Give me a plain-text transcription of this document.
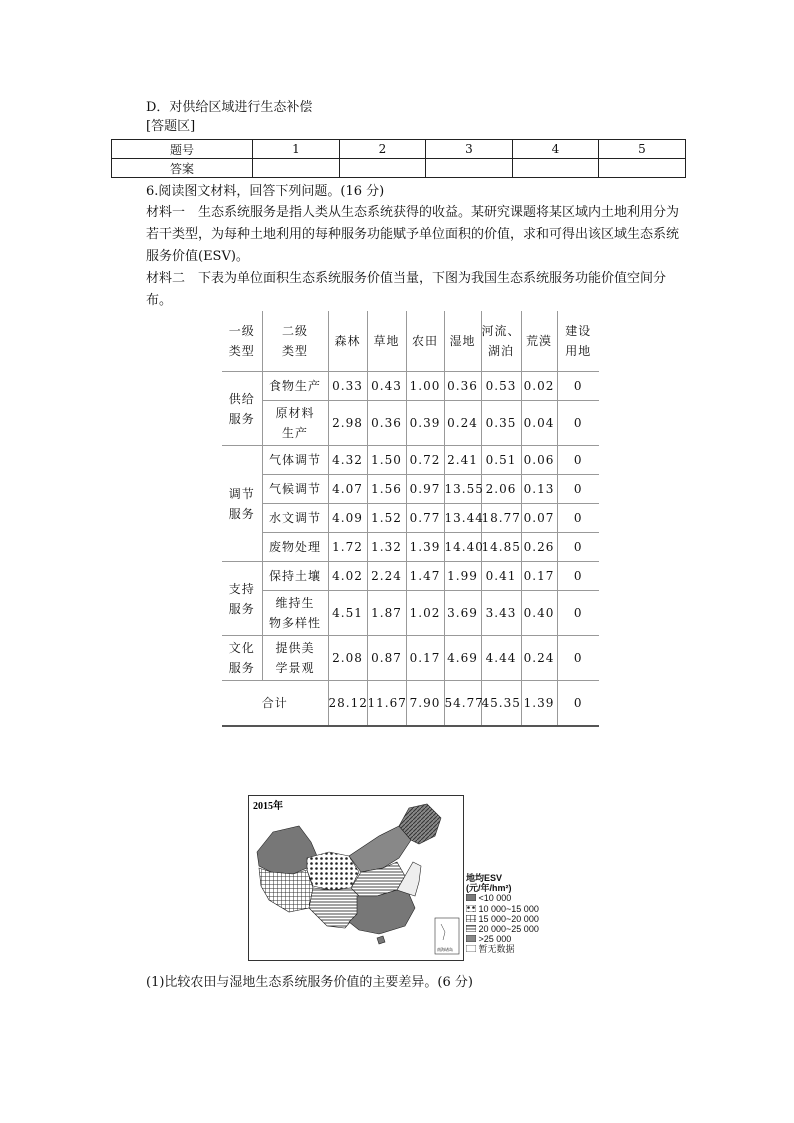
D．对供给区域进行生态补偿
[答题区]
题号	1	2	3	4	5
答案					
6.阅读图文材料，回答下列问题。(16 分)

材料一　生态系统服务是指人类从生态系统获得的收益。某研究课题将某区域内土地利用分为若干类型，为每种土地利用的每种服务功能赋予单位面积的价值，求和可得出该区域生态系统服务价值(ESV)。

材料二　下表为单位面积生态系统服务价值当量，下图为我国生态系统服务功能价值空间分布。

一级
类型	二级
类型	森林	草地	农田	湿地	河流、
湖泊	荒漠	建设
用地
供给
服务	食物生产	0.33	0.43	1.00	0.36	0.53	0.02	0
	原材料
生产	2.98	0.36	0.39	0.24	0.35	0.04	0
调节
服务	气体调节	4.32	1.50	0.72	2.41	0.51	0.06	0
	气候调节	4.07	1.56	0.97	13.55	2.06	0.13	0
	水文调节	4.09	1.52	0.77	13.44	18.77	0.07	0
	废物处理	1.72	1.32	1.39	14.40	14.85	0.26	0
支持
服务	保持土壤	4.02	2.24	1.47	1.99	0.41	0.17	0
	维持生
物多样性	4.51	1.87	1.02	3.69	3.43	0.40	0
文化
服务	提供美
学景观	2.08	0.87	0.17	4.69	4.44	0.24	0
合计		28.12	11.67	7.90	54.77	45.35	1.39	0
2015年
南海诸岛
地均ESV
(元/年/hm²)
<10 000
10 000~15 000
15 000~20 000
20 000~25 000
>25 000
暂无数据
(1)比较农田与湿地生态系统服务价值的主要差异。(6 分)
